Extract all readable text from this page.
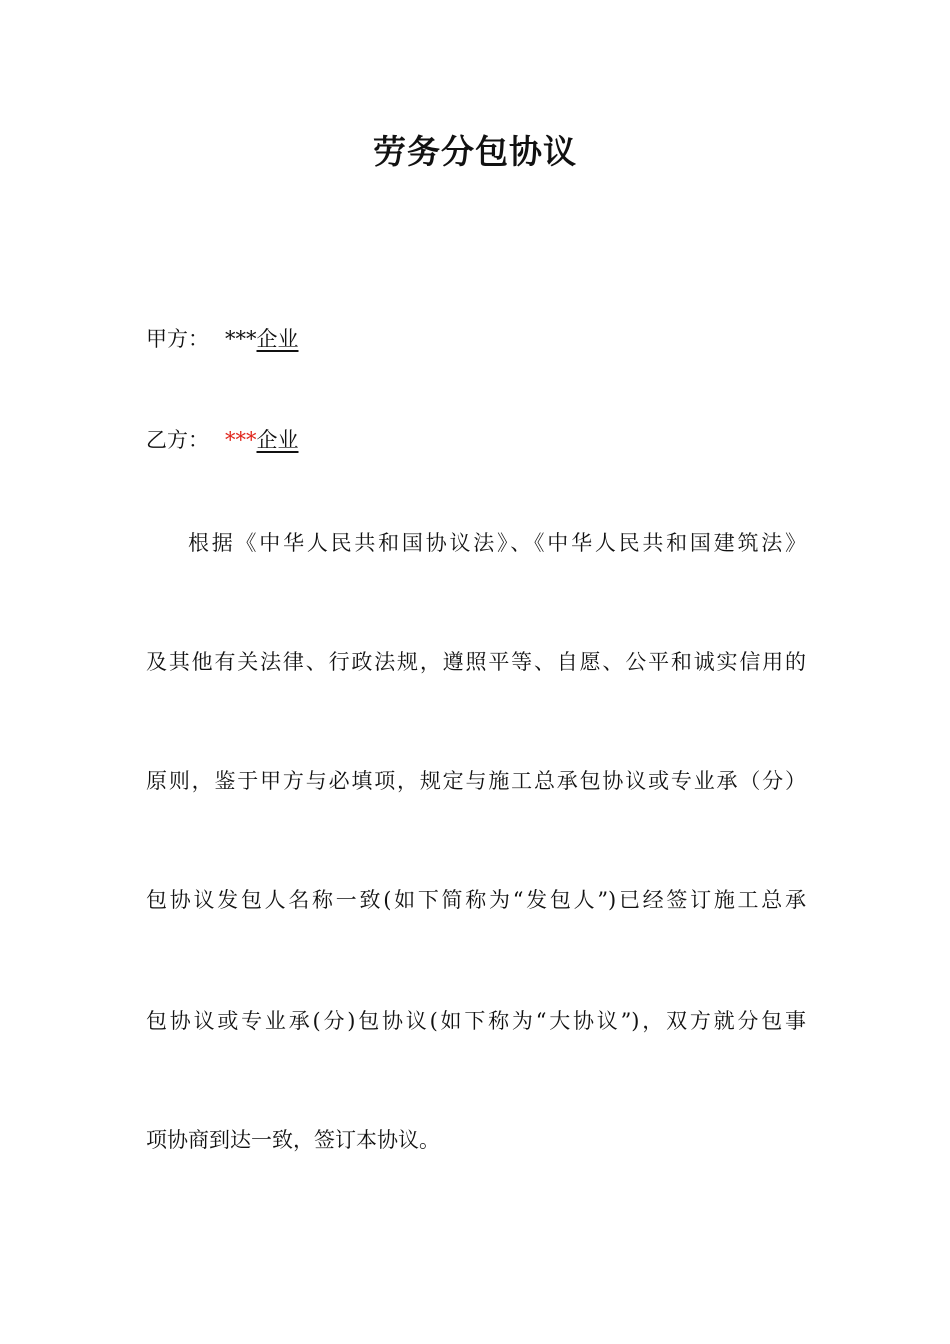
劳务分包协议
甲方： ***企业
乙方： ***企业
根据《中华人民共和国协议法》、《中华人民共和国建筑法》
及其他有关法律、行政法规，遵照平等、自愿、公平和诚实信用的
原则，鉴于甲方与必填项，规定与施工总承包协议或专业承（分）
包协议发包人名称一致(如下简称为“发包人”)已经签订施工总承
包协议或专业承(分)包协议(如下称为“大协议”)，双方就分包事
项协商到达一致，签订本协议。
